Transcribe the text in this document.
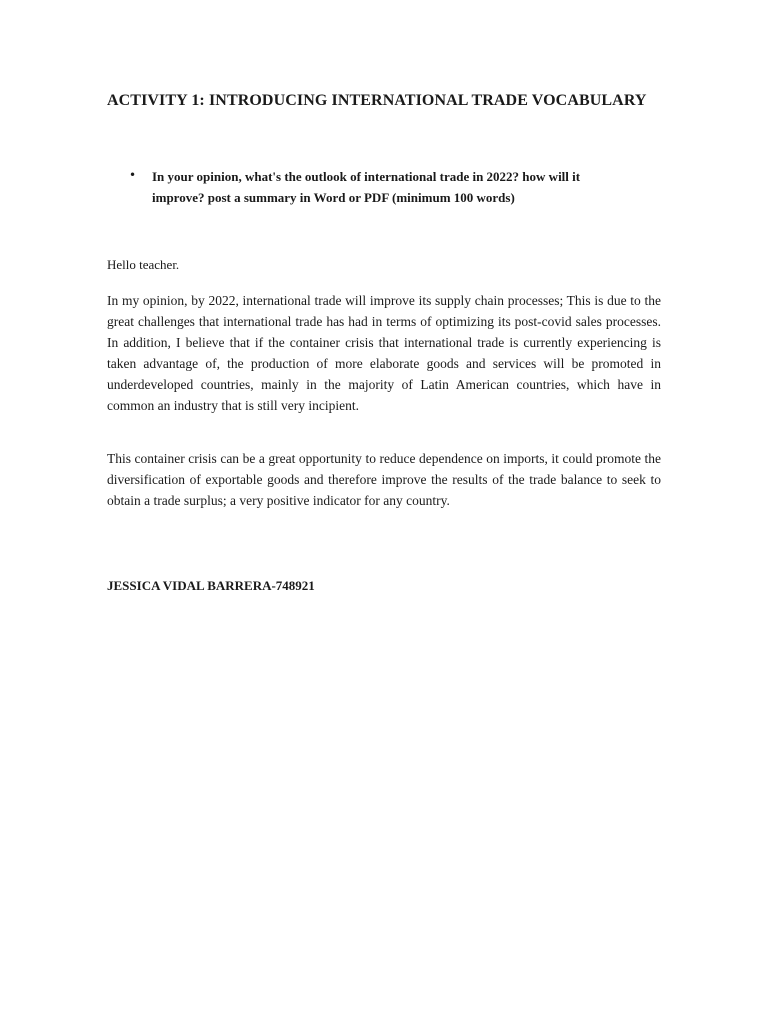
ACTIVITY 1: INTRODUCING INTERNATIONAL TRADE VOCABULARY
• In your opinion, what's the outlook of international trade in 2022? how will it improve? post a summary in Word or PDF (minimum 100 words)
Hello teacher.

In my opinion, by 2022, international trade will improve its supply chain processes; This is due to the great challenges that international trade has had in terms of optimizing its post-covid sales processes. In addition, I believe that if the container crisis that international trade is currently experiencing is taken advantage of, the production of more elaborate goods and services will be promoted in underdeveloped countries, mainly in the majority of Latin American countries, which have in common an industry that is still very incipient.

This container crisis can be a great opportunity to reduce dependence on imports, it could promote the diversification of exportable goods and therefore improve the results of the trade balance to seek to obtain a trade surplus; a very positive indicator for any country.

JESSICA VIDAL BARRERA-748921
